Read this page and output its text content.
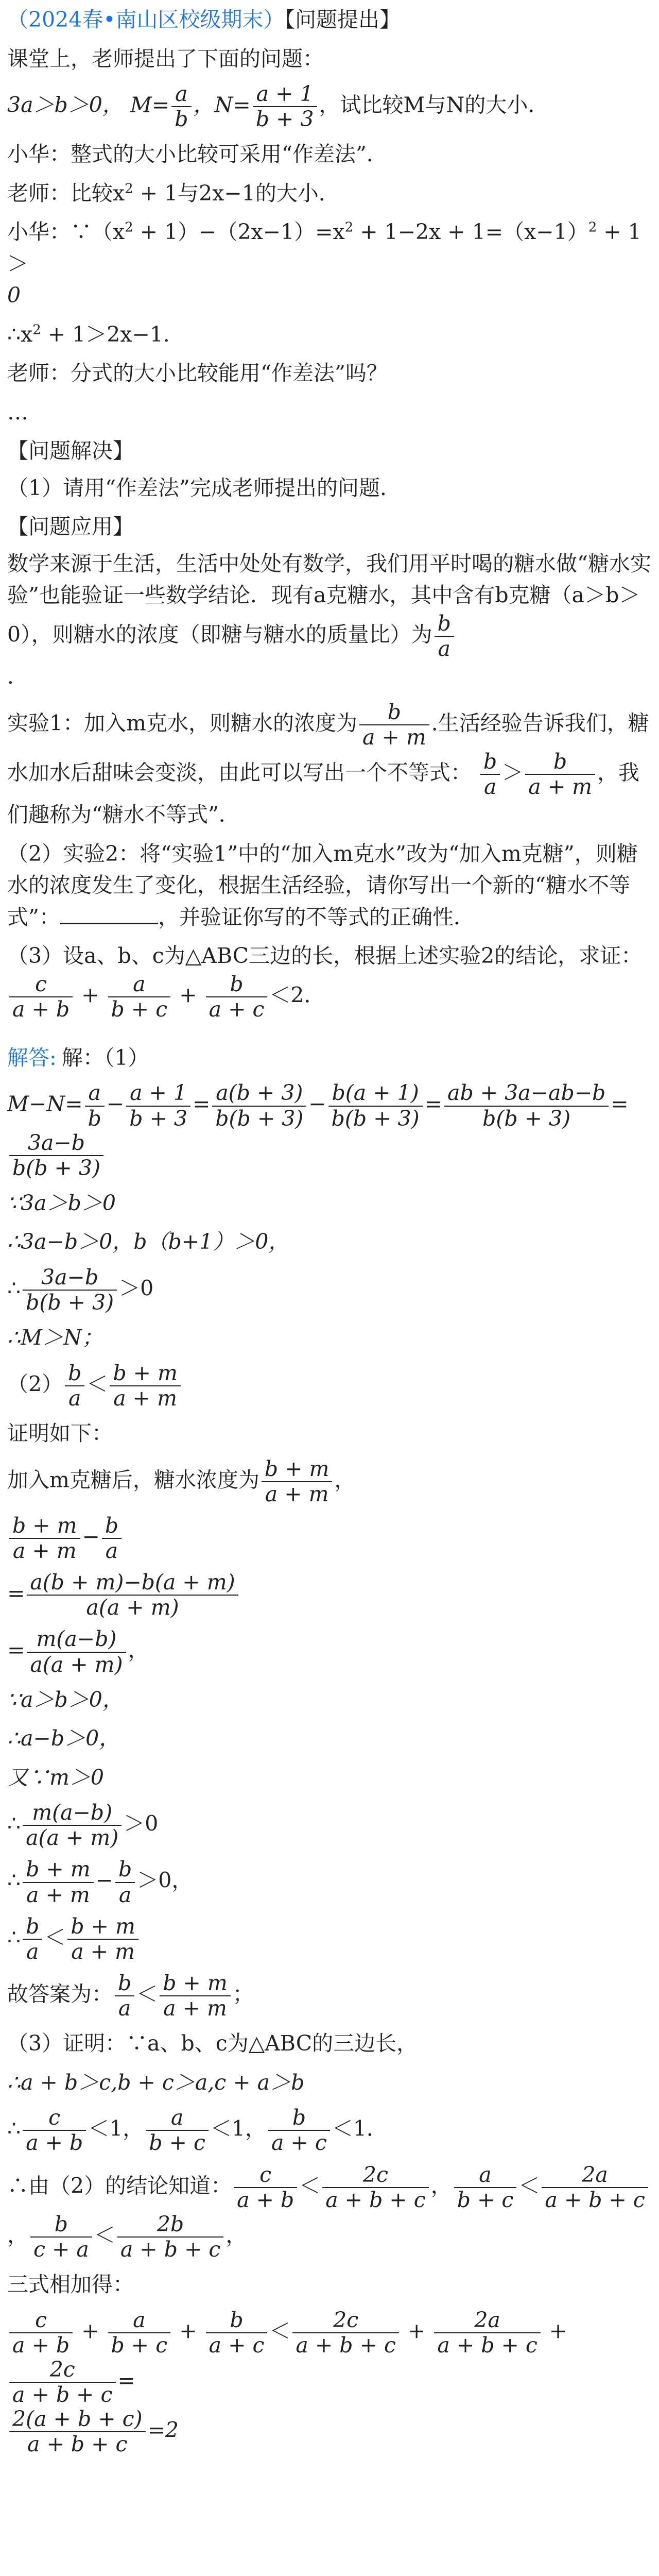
（2024春•南山区校级期末）【问题提出】
课堂上，老师提出了下面的问题：
3a＞b＞0， $M= \frac{a}{b}$ ，$N= \frac{a + 1}{b + 3}$ ，试比较M与N的大小．
小华：整式的大小比较可采用“作差法”．
老师：比较$x^2 + 1$与2x−1的大小．
小华：$\because(x^2 + 1)-(2x-1)=x^2 + 1-2x + 1=(x-1)^2 + 1>$
0
$\therefore x^2 + 1>2x-1$．
老师：分式的大小比较能用“作差法”吗？
…
【问题解决】
（1）请用“作差法”完成老师提出的问题．
【问题应用】
数学来源于生活，生活中处处有数学，我们用平时喝的糖水做“糖水实验”也能验证一些数学结论．现有a克糖水，其中含有b克糖（a＞b＞0），则糖水的浓度（即糖与糖水的质量比）为 $\frac{b}{a}$

．
实验1：加入m克水，则糖水的浓度为 $\frac{b}{a + m}$ .生活经验告诉我们，糖水加水后甜味会变淡，由此可以写出一个不等式： $\frac{b}{a} > \frac{b}{a + m}$ ，我们趣称为“糖水不等式”．
（2）实验2：将“实验1”中的“加入m克水”改为“加入m克糖”，则糖水的浓度发生了变化，根据生活经验，请你写出一个新的“糖水不等式”：	，并验证你写的不等式的正确性．
（3）设a、b、c为△ABC三边的长，根据上述实验2的结论，求证：
$\frac{c}{a + b} + \frac{a}{b + c} + \frac{b}{a + c} <2$．
解答: 解：（1）
$M-N= \frac{a}{b} - \frac{a + 1}{b + 3} = \frac{a(b + 3)}{b(b + 3)} - \frac{b(a + 1)}{b(b + 3)} = \frac{ab + 3a-ab-b}{b(b + 3)}$ =

$\frac{3a-b}{b(b + 3)}$
∵3a＞b＞0
∴3a−b＞0，b（b+1）＞0，
∴ $\frac{3a-b}{b(b + 3)} >0$
∴M＞N；
$(2) \frac{b}{a} < \frac{b + m}{a + m}$
证明如下：
加入m克糖后，糖水浓度为 $\frac{b + m}{a + m}$ ，
$\frac{b + m}{a + m} - \frac{b}{a}$
= $\frac{a(b + m)-b(a + m)}{a(a + m)}$
= $\frac{m(a-b)}{a(a + m)}$ ，
∵a＞b＞0，
∴a−b＞0，
又∵m＞0
∴ $\frac{m(a-b)}{a(a + m)} >0$
∴ $\frac{b + m}{a + m} - \frac{b}{a} >0$，
∴ $\frac{b}{a} < \frac{b + m}{a + m}$
故答案为： $\frac{b}{a} < \frac{b + m}{a + m}$ ；
（3）证明：∵a、b、c为△ABC的三边长，
∴a + b＞c,b + c＞a,c + a＞b
∴ $\frac{c}{a + b} <1$， $\frac{a}{b + c} <1$， $\frac{b}{a + c} <1$．
∴由（2）的结论知道： $\frac{c}{a + b} < \frac{2c}{a + b + c}$ ， $\frac{a}{b + c} < \frac{2a}{a + b + c}$

， $\frac{b}{c + a} < \frac{2b}{a + b + c}$ ，
三式相加得：
$\frac{c}{a + b} + \frac{a}{b + c} + \frac{b}{a + c} < \frac{2c}{a + b + c} + \frac{2a}{a + b + c}$ +
$\frac{2c}{a + b + c}$ =

$\frac{2(a + b + c)}{a + b + c} =2$
